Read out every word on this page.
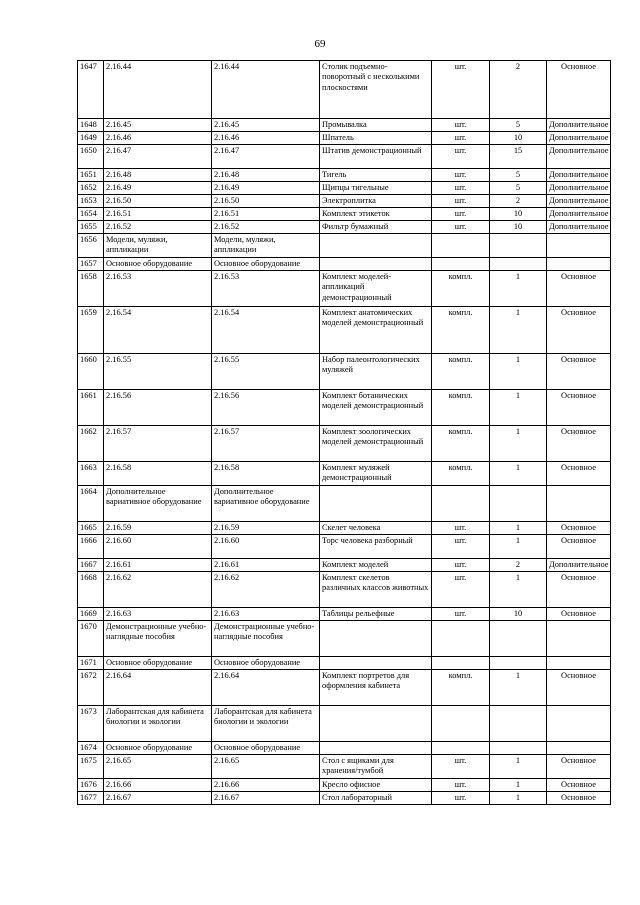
69
1647	2.16.44	2.16.44	Столик подъемно-поворотный с несколькими плоскостями	шт.	2	Основное
1648	2.16.45	2.16.45	Промывалка	шт.	5	Дополнительное
1649	2.16.46	2.16.46	Шпатель	шт.	10	Дополнительное
1650	2.16.47	2.16.47	Штатив демонстрационный	шт.	15	Дополнительное
1651	2.16.48	2.16.48	Тигель	шт.	5	Дополнительное
1652	2.16.49	2.16.49	Щипцы тигельные	шт.	5	Дополнительное
1653	2.16.50	2.16.50	Электроплитка	шт.	2	Дополнительное
1654	2.16.51	2.16.51	Комплект этикеток	шт.	10	Дополнительное
1655	2.16.52	2.16.52	Фильтр бумажный	шт.	10	Дополнительное
1656	Модели, муляжи, аппликации	Модели, муляжи, аппликации				
1657	Основное оборудование	Основное оборудование				
1658	2.16.53	2.16.53	Комплект моделей-аппликаций демонстрационный	компл.	1	Основное
1659	2.16.54	2.16.54	Комплект анатомических моделей демонстрационный	компл.	1	Основное
1660	2.16.55	2.16.55	Набор палеонтологических муляжей	компл.	1	Основное
1661	2.16.56	2.16.56	Комплект ботанических моделей демонстрационный	компл.	1	Основное
1662	2.16.57	2.16.57	Комплект зоологических моделей демонстрационный	компл.	1	Основное
1663	2.16.58	2.16.58	Комплект муляжей демонстрационный	компл.	1	Основное
1664	Дополнительное вариативное оборудование	Дополнительное вариативное оборудование				
1665	2.16.59	2.16.59	Скелет человека	шт.	1	Основное
1666	2.16.60	2.16.60	Торс человека разборный	шт.	1	Основное
1667	2.16.61	2.16.61	Комплект моделей	шт.	2	Дополнительное
1668	2.16.62	2.16.62	Комплект скелетов различных классов животных	шт.	1	Основное
1669	2.16.63	2.16.63	Таблицы рельефные	шт.	10	Основное
1670	Демонстрационные учебно-наглядные пособия	Демонстрационные учебно-наглядные пособия				
1671	Основное оборудование	Основное оборудование				
1672	2.16.64	2.16.64	Комплект портретов для оформления кабинета	компл.	1	Основное
1673	Лаборантская для кабинета биологии и экологии	Лаборантская для кабинета биологии и экологии				
1674	Основное оборудование	Основное оборудование				
1675	2.16.65	2.16.65	Стол с ящиками для хранения/тумбой	шт.	1	Основное
1676	2.16.66	2.16.66	Кресло офисное	шт.	1	Основное
1677	2.16.67	2.16.67	Стол лабораторный	шт.	1	Основное
